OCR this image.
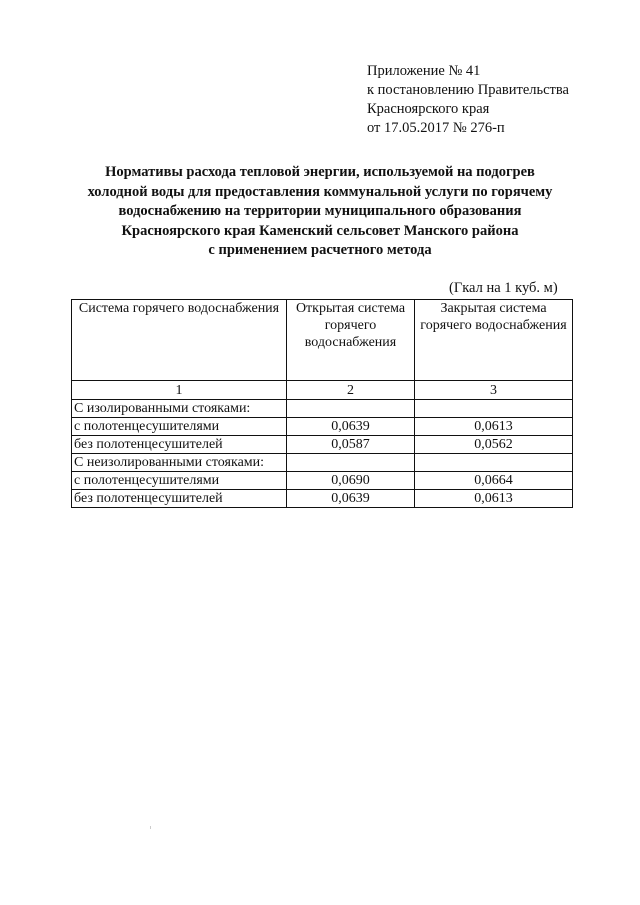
Приложение № 41
к постановлению Правительства
Красноярского края
от 17.05.2017 № 276-п
Нормативы расхода тепловой энергии, используемой на подогрев
холодной воды для предоставления коммунальной услуги по горячему
водоснабжению на территории муниципального образования
Красноярского края Каменский сельсовет Манского района
с применением расчетного метода
(Гкал на 1 куб. м)
Система горячего водоснабжения	Открытая система горячего водоснабжения	Закрытая система горячего водоснабжения
1	2	3
С изолированными стояками:		
с полотенцесушителями	0,0639	0,0613
без полотенцесушителей	0,0587	0,0562
С неизолированными стояками:		
с полотенцесушителями	0,0690	0,0664
без полотенцесушителей	0,0639	0,0613
